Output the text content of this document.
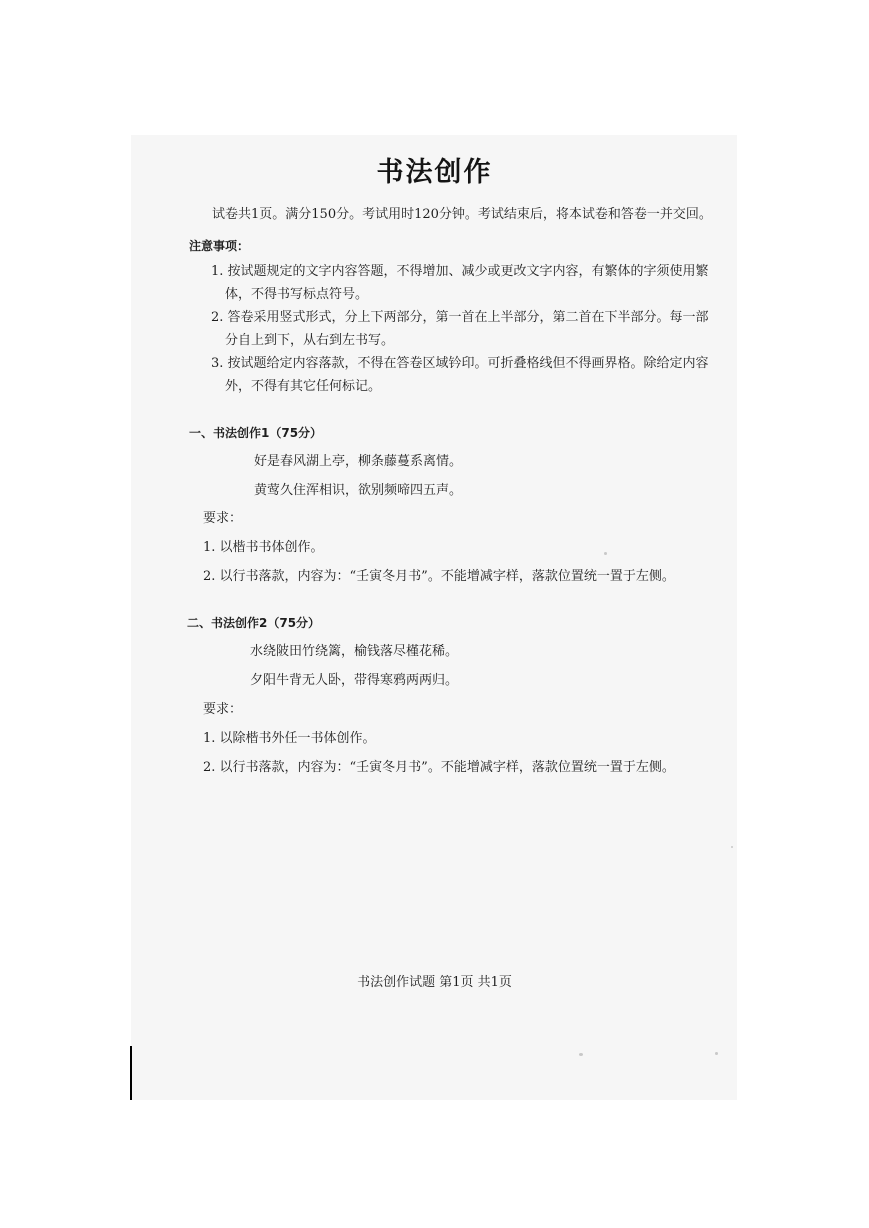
书法创作
试卷共1页。满分150分。考试用时120分钟。考试结束后，将本试卷和答卷一并交回。
注意事项：
1. 按试题规定的文字内容答题，不得增加、减少或更改文字内容，有繁体的字须使用繁
体，不得书写标点符号。
2. 答卷采用竖式形式，分上下两部分，第一首在上半部分，第二首在下半部分。每一部
分自上到下，从右到左书写。
3. 按试题给定内容落款，不得在答卷区域钤印。可折叠格线但不得画界格。除给定内容
外，不得有其它任何标记。
一、书法创作1（75分）
好是春风湖上亭，柳条藤蔓系离情。
黄莺久住浑相识，欲别频啼四五声。
要求：
1. 以楷书书体创作。
2. 以行书落款，内容为：“壬寅冬月书”。不能增减字样，落款位置统一置于左侧。
二、书法创作2（75分）
水绕陂田竹绕篱，榆钱落尽槿花稀。
夕阳牛背无人卧，带得寒鸦两两归。
要求：
1. 以除楷书外任一书体创作。
2. 以行书落款，内容为：“壬寅冬月书”。不能增减字样，落款位置统一置于左侧。
书法创作试题 第1页 共1页
